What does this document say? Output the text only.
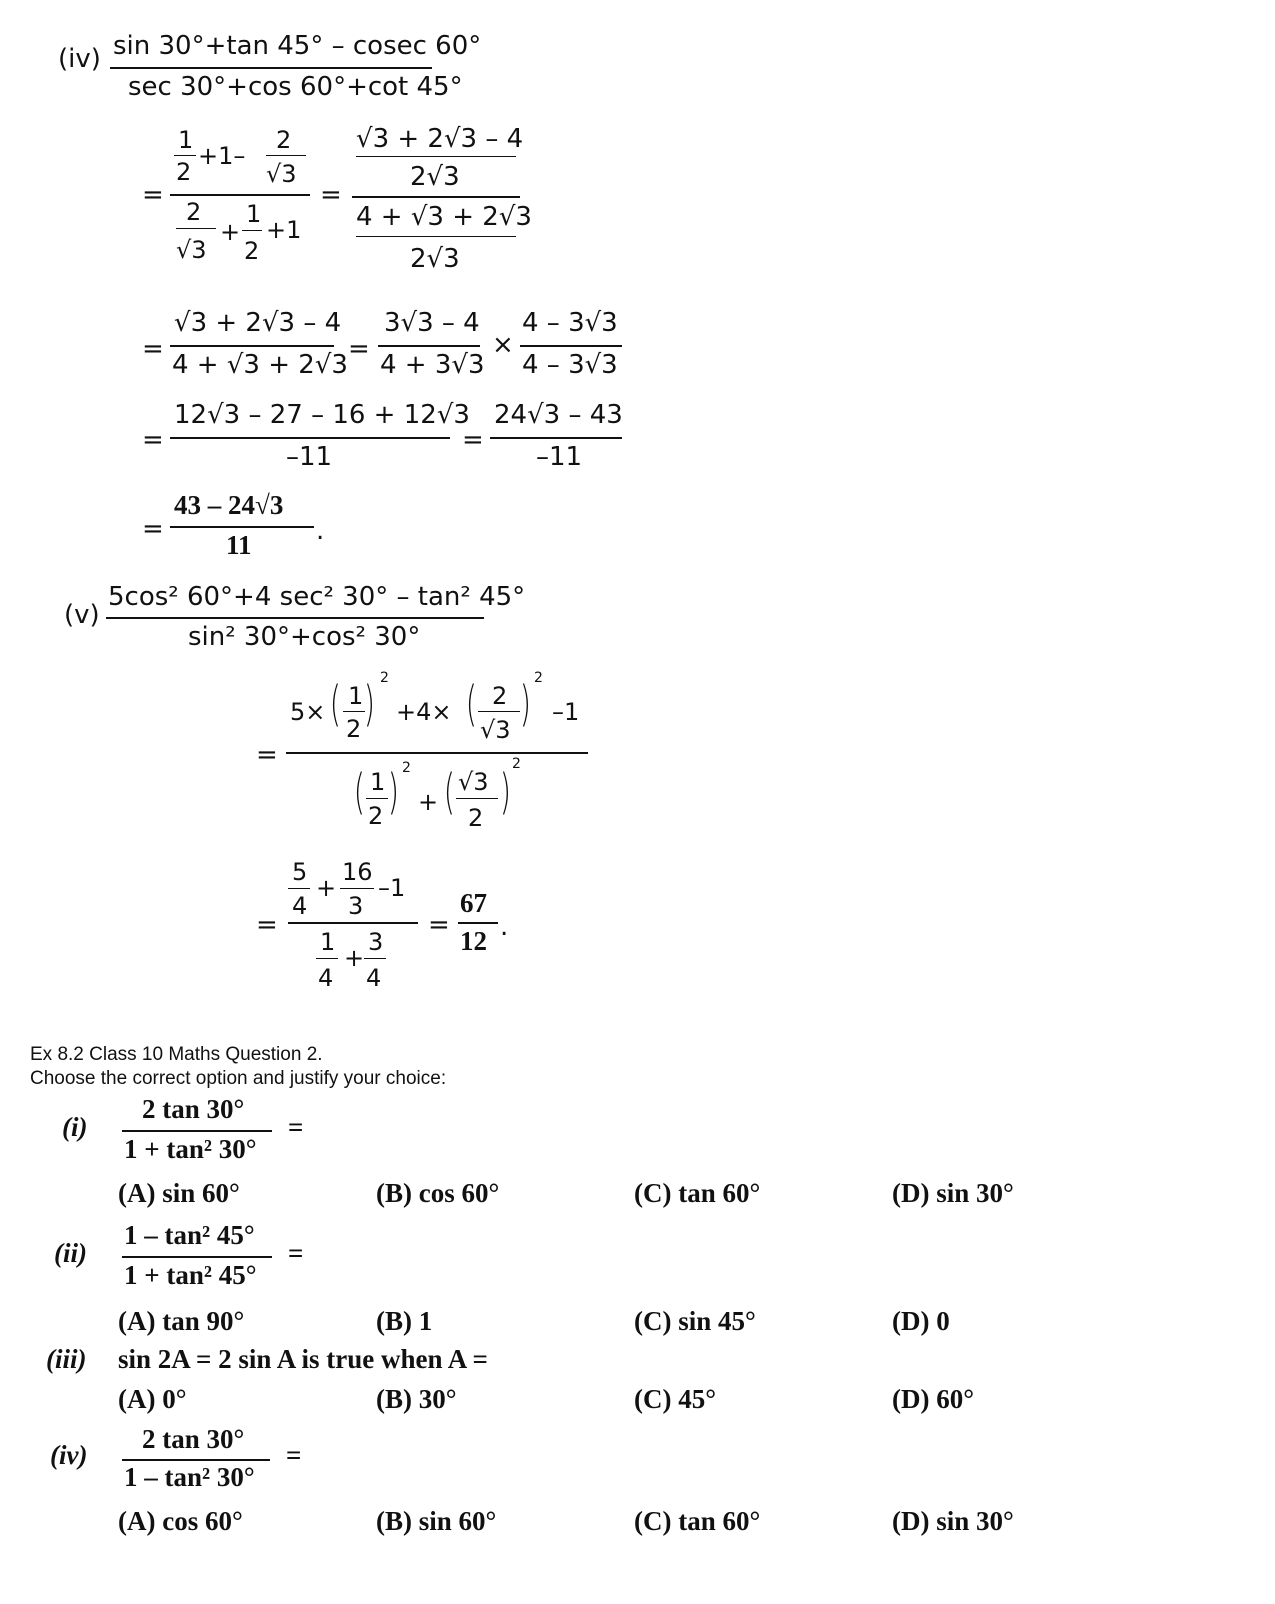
(iv) sin 30°+tan 45° – cosec 60°
sec 30°+cos 60°+cot 45°
=
1
2
+1–
2
√3
2
√3
+
1
2
+1
=
√3 + 2√3 – 4
2√3
4 + √3 + 2√3
2√3
=
√3 + 2√3 – 4
4 + √3 + 2√3
=
3√3 – 4
4 + 3√3
×
4 – 3√3
4 – 3√3
=
12√3 – 27 – 16 + 12√3
–11
=
24√3 – 43
–11
=
43 – 24√3
11 .
(v)
5cos² 60°+4 sec² 30° – tan² 45°
sin² 30°+cos² 30°
=
5× ( 1
2 ) 2
+4× ( 2
√3 ) 2
–1
( 1
2 ) 2
+ ( √3
2 ) 2
=
5
4
+
16
3
–1
1
4
+
3
4
=
67
12 .
Ex 8.2 Class 10 Maths Question 2.
Choose the correct option and justify your choice:
(i)
2 tan 30°
1 + tan² 30°
=
(A) sin 60°	(B) cos 60°	(C) tan 60°	(D) sin 30°
(ii)
1 – tan² 45°
1 + tan² 45°
=
(A) tan 90°	(B) 1	(C) sin 45°	(D) 0
(iii) sin 2A = 2 sin A is true when A =
(A) 0°	(B) 30°	(C) 45°	(D) 60°
(iv)
2 tan 30°
1 – tan² 30°
=
(A) cos 60°	(B) sin 60°	(C) tan 60°	(D) sin 30°
